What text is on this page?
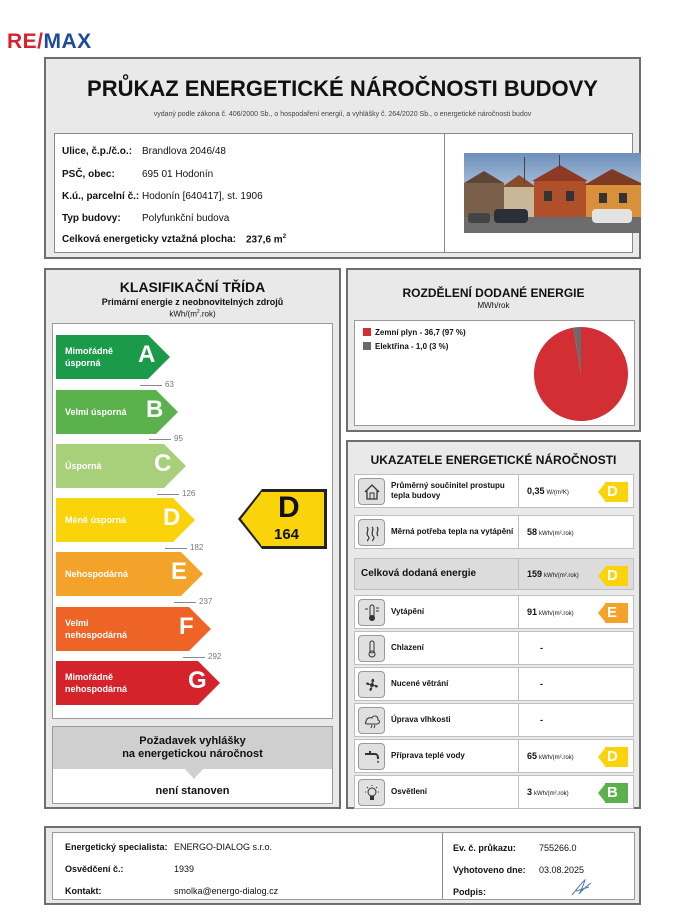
RE/MAX
PRŮKAZ ENERGETICKÉ NÁROČNOSTI BUDOVY
vydaný podle zákona č. 406/2000 Sb., o hospodaření energií, a vyhlášky č. 264/2020 Sb., o energetické náročnosti budov
Ulice, č.p./č.o.: Brandlova 2046/48
PSČ, obec:	695 01 Hodonín
K.ú., parcelní č.: Hodonín [640417], st. 1906
Typ budovy: Polyfunkční budova
Celková energeticky vztažná plocha: 237,6 $m^2$
KLASIFIKAČNÍ TŘÍDA
Primární energie z neobnovitelných zdrojů
kWh/$(m^2.rok)$
Požadavek vyhlášky
na energetickou náročnost
není stanoven
Mimořádně úsporná	A
Velmi úsporná B
Úsporná	C
Méně úsporná	D
Nehospodárná	E
Velmi nehospodárná	F
Mimořádně nehospodárná	G
63
95
126
182
237
292
D
164
ROZDĚLENÍ DODANÉ ENERGIE
MWh/rok
Zemní plyn - 36,7 (97 %)
Elektřina - 1,0 (3 %)
UKAZATELE ENERGETICKÉ NÁROČNOSTI
Průměrný součinitel prostupu tepla budovy	0,35 W/(m²K)	D
Měrná potřeba tepla na vytápění	58 kWh/(m².rok)
Celková dodaná energie	159 kWh/(m².rok) D
Vytápění	91 kWh/(m².rok) E
Chlazení	-
Nucené větrání	-
Úprava vlhkosti	-
Příprava teplé vody	65 kWh/(m².rok) D
Osvětlení	3 kWh/(m².rok)	B
Energetický specialista: ENERGO-DIALOG s.r.o.
Osvědčení č.:	1939
Kontakt:	smolka@energo-dialog.cz
Ev. č. průkazu:	755266.0
Vyhotoveno dne: 03.08.2025
Podpis:
